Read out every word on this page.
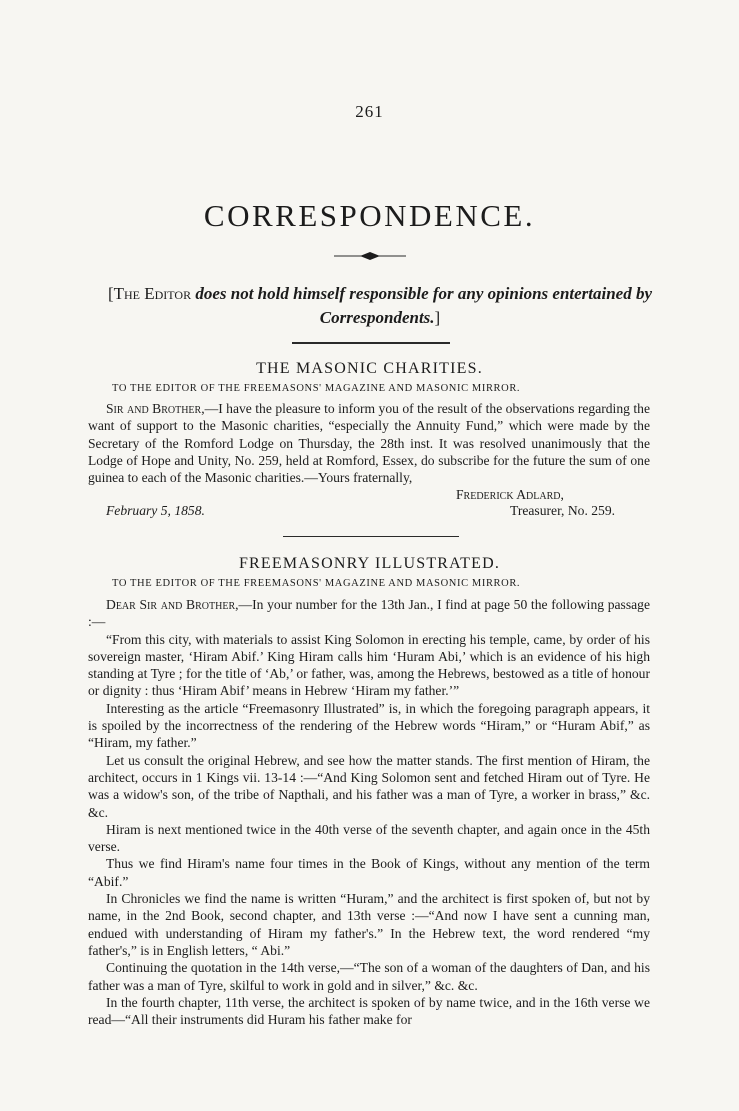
261
CORRESPONDENCE.
[The Editor does not hold himself responsible for any opinions entertained by Correspondents.]
THE MASONIC CHARITIES.
TO THE EDITOR OF THE FREEMASONS' MAGAZINE AND MASONIC MIRROR.

Sir and Brother,—I have the pleasure to inform you of the result of the observations regarding the want of support to the Masonic charities, “especially the Annuity Fund,” which were made by the Secretary of the Romford Lodge on Thursday, the 28th inst. It was resolved unanimously that the Lodge of Hope and Unity, No. 259, held at Romford, Essex, do subscribe for the future the sum of one guinea to each of the Masonic charities.—Yours fraternally,

Frederick Adlard,
February 5, 1858.	Treasurer, No. 259.
FREEMASONRY ILLUSTRATED.
TO THE EDITOR OF THE FREEMASONS' MAGAZINE AND MASONIC MIRROR.

Dear Sir and Brother,—In your number for the 13th Jan., I find at page 50 the following passage :—

“From this city, with materials to assist King Solomon in erecting his temple, came, by order of his sovereign master, ‘Hiram Abif.’ King Hiram calls him ‘Huram Abi,’ which is an evidence of his high standing at Tyre ; for the title of ‘Ab,’ or father, was, among the Hebrews, bestowed as a title of honour or dignity : thus ‘Hiram Abif’ means in Hebrew ‘Hiram my father.’”

Interesting as the article “Freemasonry Illustrated” is, in which the foregoing paragraph appears, it is spoiled by the incorrectness of the rendering of the Hebrew words “Hiram,” or “Huram Abif,” as “Hiram, my father.”

Let us consult the original Hebrew, and see how the matter stands. The first mention of Hiram, the architect, occurs in 1 Kings vii. 13-14 :—“And King Solomon sent and fetched Hiram out of Tyre. He was a widow's son, of the tribe of Napthali, and his father was a man of Tyre, a worker in brass,” &c. &c.

Hiram is next mentioned twice in the 40th verse of the seventh chapter, and again once in the 45th verse.

Thus we find Hiram's name four times in the Book of Kings, without any mention of the term “Abif.”

In Chronicles we find the name is written “Huram,” and the architect is first spoken of, but not by name, in the 2nd Book, second chapter, and 13th verse :—“And now I have sent a cunning man, endued with understanding of Hiram my father's.” In the Hebrew text, the word rendered “my father's,” is in English letters, “ Abi.”

Continuing the quotation in the 14th verse,—“The son of a woman of the daughters of Dan, and his father was a man of Tyre, skilful to work in gold and in silver,” &c. &c.

In the fourth chapter, 11th verse, the architect is spoken of by name twice, and in the 16th verse we read—“All their instruments did Huram his father make for
